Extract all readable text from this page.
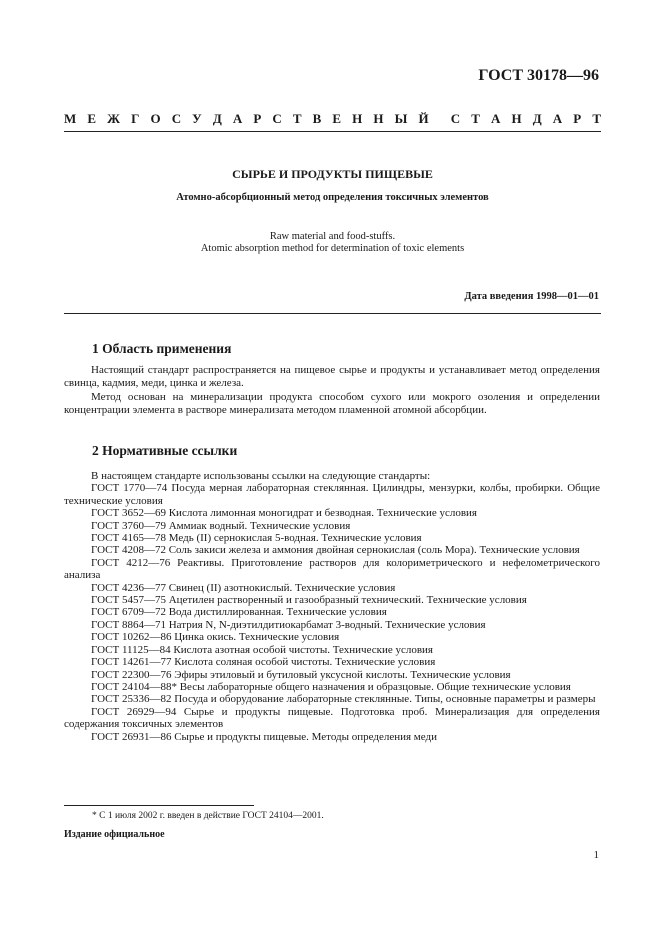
ГОСТ 30178—96
М Е Ж Г О С У Д А Р С Т В Е Н Н Ы Й С Т А Н Д А Р Т
СЫРЬЕ И ПРОДУКТЫ ПИЩЕВЫЕ
Атомно-абсорбционный метод определения токсичных элементов
Raw material and food-stuffs.
Atomic absorption method for determination of toxic elements
Дата введения 1998—01—01
1 Область применения

Настоящий стандарт распространяется на пищевое сырье и продукты и устанавливает метод определения свинца, кадмия, меди, цинка и железа.

Метод основан на минерализации продукта способом сухого или мокрого озоления и определении концентрации элемента в растворе минерализата методом пламенной атомной абсорбции.

2 Нормативные ссылки

В настоящем стандарте использованы ссылки на следующие стандарты:

ГОСТ 1770—74 Посуда мерная лабораторная стеклянная. Цилиндры, мензурки, колбы, пробирки. Общие технические условия

ГОСТ 3652—69 Кислота лимонная моногидрат и безводная. Технические условия

ГОСТ 3760—79 Аммиак водный. Технические условия

ГОСТ 4165—78 Медь (II) сернокислая 5-водная. Технические условия

ГОСТ 4208—72 Соль закиси железа и аммония двойная сернокислая (соль Мора). Технические условия

ГОСТ 4212—76 Реактивы. Приготовление растворов для колориметрического и нефелометрического анализа

ГОСТ 4236—77 Свинец (II) азотнокислый. Технические условия

ГОСТ 5457—75 Ацетилен растворенный и газообразный технический. Технические условия

ГОСТ 6709—72 Вода дистиллированная. Технические условия

ГОСТ 8864—71 Натрия N, N-диэтилдитиокарбамат 3-водный. Технические условия

ГОСТ 10262—86 Цинка окись. Технические условия

ГОСТ 11125—84 Кислота азотная особой чистоты. Технические условия

ГОСТ 14261—77 Кислота соляная особой чистоты. Технические условия

ГОСТ 22300—76 Эфиры этиловый и бутиловый уксусной кислоты. Технические условия

ГОСТ 24104—88* Весы лабораторные общего назначения и образцовые. Общие технические условия

ГОСТ 25336—82 Посуда и оборудование лабораторные стеклянные. Типы, основные параметры и размеры

ГОСТ 26929—94 Сырье и продукты пищевые. Подготовка проб. Минерализация для определения содержания токсичных элементов

ГОСТ 26931—86 Сырье и продукты пищевые. Методы определения меди

* С 1 июля 2002 г. введен в действие ГОСТ 24104—2001.
Издание официальное
1
